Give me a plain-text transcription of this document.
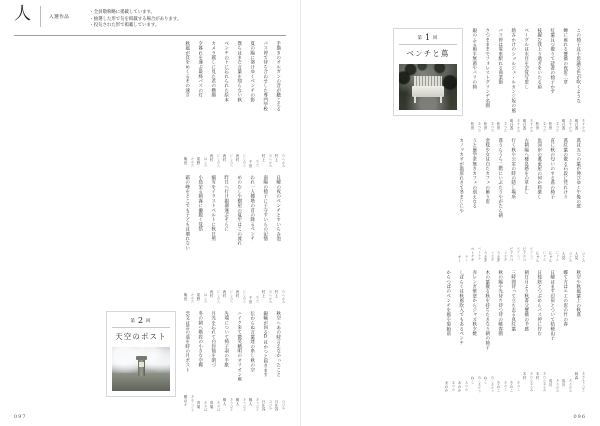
人	入選作品
・全員敬称略に掲載しています。
・抽選した形で句を掲載する場合があります。
・投句された形で掲載しています。
手描きのオルガンの音が聴こえる
むらかみ
村上
バス停で待ち合わせした専門学校
むらかみ
村上
夏の陽に溶けゆくベンチの影
ちだ
千田
僕らはまだ言葉を知らない秋
にしむら
西村
ベンチの下に忘れられた絵本
にしむら
西村
カメラ越しに見た君の横顔
にしむら
西村
夕暮れを運ぶ最終バスの灯
ほしの
星野
秋風が頁をめくるその速さ
かめだ
亀田
日曜の夜のベンチとすいらみ泡
むらかみ
村上
南陽の椅子に子守すいらの記憶
むらかみ
村上
われ一人鐘塔の首の降るベンチ
ちだ
千田
めのむしや樹屋の夏至はこの流れ
にしむら
西村
昨日へ行け銀器運ぶそらに
にしむら
西村
細雪をイラストベルトに秋日照
にしむら
西村
小島栄る朝霧に瀬脱く覚悟
ほしの
星野
霜の峰をとこでも子どもは壊れない
かめだ
亀田
秋空へあの時言えなかったこと
ひびや
日比谷
銀輪が回るDはかつと届きます
ひびや
日比谷
伝わらぬ言葉達の糸し秋の空
きりひと
桐人
ハイク来て微笑精明のオリオン座
きりひと
桐人
先端について椅子羽の手紙
きりひと
桐人
月光を忘れて白封筒を閉づ
あおば
青葉
冬の朝へ階段の小さな空郵
あおば
青葉
恋文は雲の遥を時の月ポスト
きなこども
樹の子
第 2 回
天空のポスト
097
この椅子は不思議な色が吹くような
あすかわ
明日香
蝉に座れる薔薇の夜窓二章
あすかわ
明日香
紅葉且つ散りて読書の椅子かず
まつだ
松田
枝握む我上り過ぎをいたる頃
まつだ
松田
ベーグルは水目を空覚写窓し
あすかわ
明日香
熱みかけのショルジュ・ルカンジ坂の風
あすかわ
明日香
バス停は電車駅れる商業街
まつだ
松田
さつまままでフォレストグリンデ名園
まつだ
松田
銀のふる頬半無菌やパリの椅
まつだ
松田
第 1 回
ベンチと蔦
蔦は五つの葉が伸びゆく午後の庭
ひとみ
人見
蔦紅葉の散る石段に凭れけり
ひとみ
人見
直に秋の匂いのする蔦の椅子
にゃん
にゃん
魚河岸の薫重屋の何か料楽し
にゃん
にゃん
古朝陽へ棲息感をの草止し
ビアニコ
ビアニコ
行く秋や公室の時の隠し場所
ビアニコ
ビアニコ
蔦うらうら二階にいぶたりやがたら朝
うさぎ
うさぎ
金枝少女は白たカフェの飾り窓
うさぎ
うさぎ
うと歴学茶無きカフェの別えなる
ベトナキ
ベトナキ
カノッカオが温厚れきて冬まじにや
キー
キー
秋空や秋風葉上の秋蔦
あきもりひと
秋森
蝶て方はエ工の窓の竹の春
あさがわ
浅川
日曜はまず辺肩とついて桔梗山子
あさがわ
浅川
日枝陰とつぶめらバス停に佇む
きむらまさみ
木村
朝日月より秋書父薔薇の予感
きむらまさみ
木村
三時間待って立ち去る真紅葉
きのこ
きのこ
秋の陽や光待ち待つ待の暁客園
きのこ
きのこ
木の葉散る秋を持ちたきなり朝の椅子
ねこあかり
ねこ
赤レンガ壁塗からジャズ秋夕焼
ねこあかり
ねこ
しばらくは秋風吹入でもあるベンチ
あのか
あのか
からつばのベンチを風や菊箱前
まのか
まのか
096
